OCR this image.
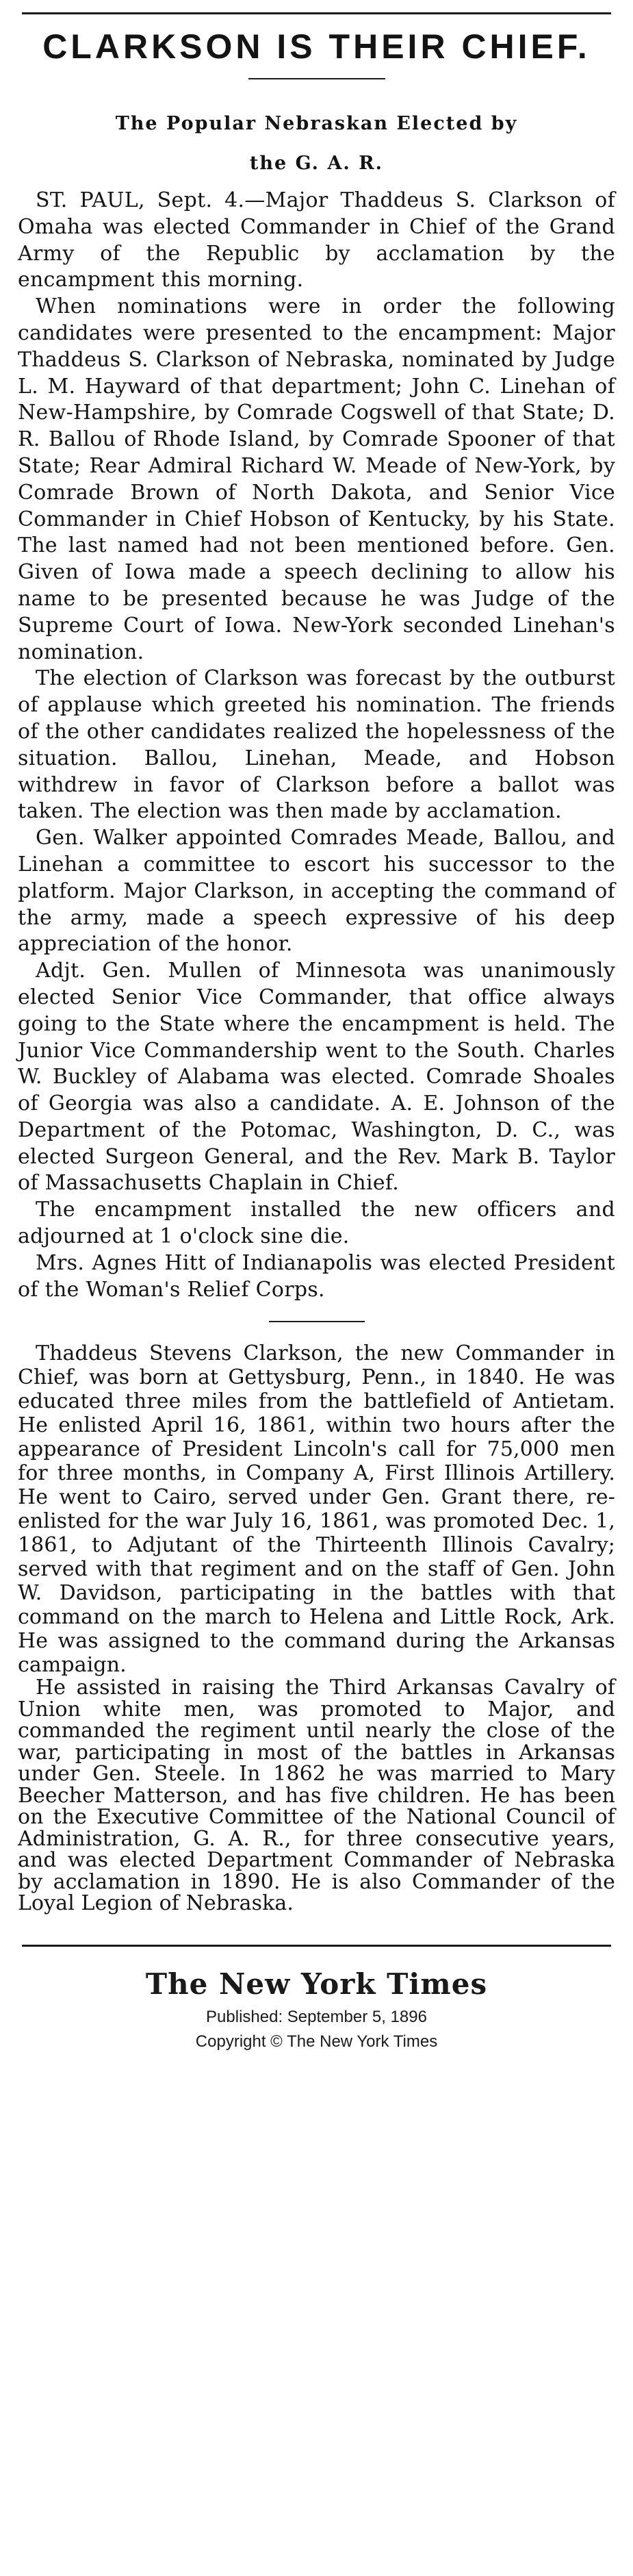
CLARKSON IS THEIR CHIEF.
The Popular Nebraskan Elected by
the G. A. R.

ST. PAUL, Sept. 4.—Major Thaddeus S. Clarkson of Omaha was elected Commander in Chief of the Grand Army of the Republic by acclamation by the encampment this morning.

When nominations were in order the following candidates were presented to the encampment: Major Thaddeus S. Clarkson of Nebraska, nominated by Judge L. M. Hayward of that department; John C. Linehan of New-Hampshire, by Comrade Cogswell of that State; D. R. Ballou of Rhode Island, by Comrade Spooner of that State; Rear Admiral Richard W. Meade of New-York, by Comrade Brown of North Dakota, and Senior Vice Commander in Chief Hobson of Kentucky, by his State. The last named had not been mentioned before. Gen. Given of Iowa made a speech declining to allow his name to be presented because he was Judge of the Supreme Court of Iowa. New-York seconded Linehan's nomination.

The election of Clarkson was forecast by the outburst of applause which greeted his nomination. The friends of the other candidates realized the hopelessness of the situation. Ballou, Linehan, Meade, and Hobson withdrew in favor of Clarkson before a ballot was taken. The election was then made by acclamation.

Gen. Walker appointed Comrades Meade, Ballou, and Linehan a committee to escort his successor to the platform. Major Clarkson, in accepting the command of the army, made a speech expressive of his deep appreciation of the honor.

Adjt. Gen. Mullen of Minnesota was unanimously elected Senior Vice Commander, that office always going to the State where the encampment is held. The Junior Vice Commandership went to the South. Charles W. Buckley of Alabama was elected. Comrade Shoales of Georgia was also a candidate. A. E. Johnson of the Department of the Potomac, Washington, D. C., was elected Surgeon General, and the Rev. Mark B. Taylor of Massachusetts Chaplain in Chief.

The encampment installed the new officers and adjourned at 1 o'clock sine die.

Mrs. Agnes Hitt of Indianapolis was elected President of the Woman's Relief Corps.

Thaddeus Stevens Clarkson, the new Commander in Chief, was born at Gettysburg, Penn., in 1840. He was educated three miles from the battlefield of Antietam. He enlisted April 16, 1861, within two hours after the appearance of President Lincoln's call for 75,000 men for three months, in Company A, First Illinois Artillery. He went to Cairo, served under Gen. Grant there, re-enlisted for the war July 16, 1861, was promoted Dec. 1, 1861, to Adjutant of the Thirteenth Illinois Cavalry; served with that regiment and on the staff of Gen. John W. Davidson, participating in the battles with that command on the march to Helena and Little Rock, Ark. He was assigned to the command during the Arkansas campaign.

He assisted in raising the Third Arkansas Cavalry of Union white men, was promoted to Major, and commanded the regiment until nearly the close of the war, participating in most of the battles in Arkansas under Gen. Steele. In 1862 he was married to Mary Beecher Matterson, and has five children. He has been on the Executive Committee of the National Council of Administration, G. A. R., for three consecutive years, and was elected Department Commander of Nebraska by acclamation in 1890. He is also Commander of the Loyal Legion of Nebraska.

The New York Times
Published: September 5, 1896
Copyright © The New York Times
